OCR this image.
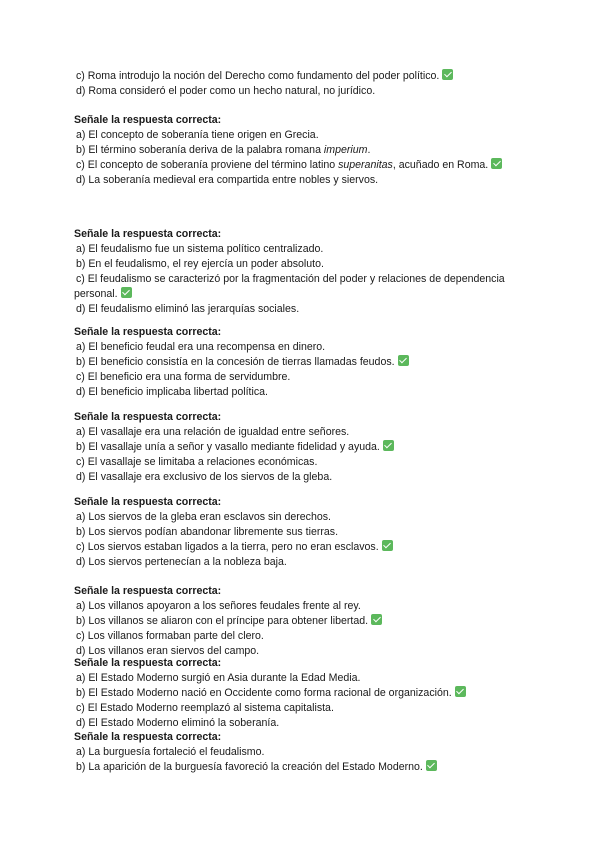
c) Roma introdujo la noción del Derecho como fundamento del poder político.
d) Roma consideró el poder como un hecho natural, no jurídico.
Señale la respuesta correcta:
a) El concepto de soberanía tiene origen en Grecia.
b) El término soberanía deriva de la palabra romana imperium.
c) El concepto de soberanía proviene del término latino superanitas, acuñado en Roma.
d) La soberanía medieval era compartida entre nobles y siervos.
Señale la respuesta correcta:
a) El feudalismo fue un sistema político centralizado.
b) En el feudalismo, el rey ejercía un poder absoluto.
c) El feudalismo se caracterizó por la fragmentación del poder y relaciones de dependencia
personal.
d) El feudalismo eliminó las jerarquías sociales.
Señale la respuesta correcta:
a) El beneficio feudal era una recompensa en dinero.
b) El beneficio consistía en la concesión de tierras llamadas feudos.
c) El beneficio era una forma de servidumbre.
d) El beneficio implicaba libertad política.
Señale la respuesta correcta:
a) El vasallaje era una relación de igualdad entre señores.
b) El vasallaje unía a señor y vasallo mediante fidelidad y ayuda.
c) El vasallaje se limitaba a relaciones económicas.
d) El vasallaje era exclusivo de los siervos de la gleba.
Señale la respuesta correcta:
a) Los siervos de la gleba eran esclavos sin derechos.
b) Los siervos podían abandonar libremente sus tierras.
c) Los siervos estaban ligados a la tierra, pero no eran esclavos.
d) Los siervos pertenecían a la nobleza baja.
Señale la respuesta correcta:
a) Los villanos apoyaron a los señores feudales frente al rey.
b) Los villanos se aliaron con el príncipe para obtener libertad.
c) Los villanos formaban parte del clero.
d) Los villanos eran siervos del campo.
Señale la respuesta correcta:
a) El Estado Moderno surgió en Asia durante la Edad Media.
b) El Estado Moderno nació en Occidente como forma racional de organización.
c) El Estado Moderno reemplazó al sistema capitalista.
d) El Estado Moderno eliminó la soberanía.
Señale la respuesta correcta:
a) La burguesía fortaleció el feudalismo.
b) La aparición de la burguesía favoreció la creación del Estado Moderno.
